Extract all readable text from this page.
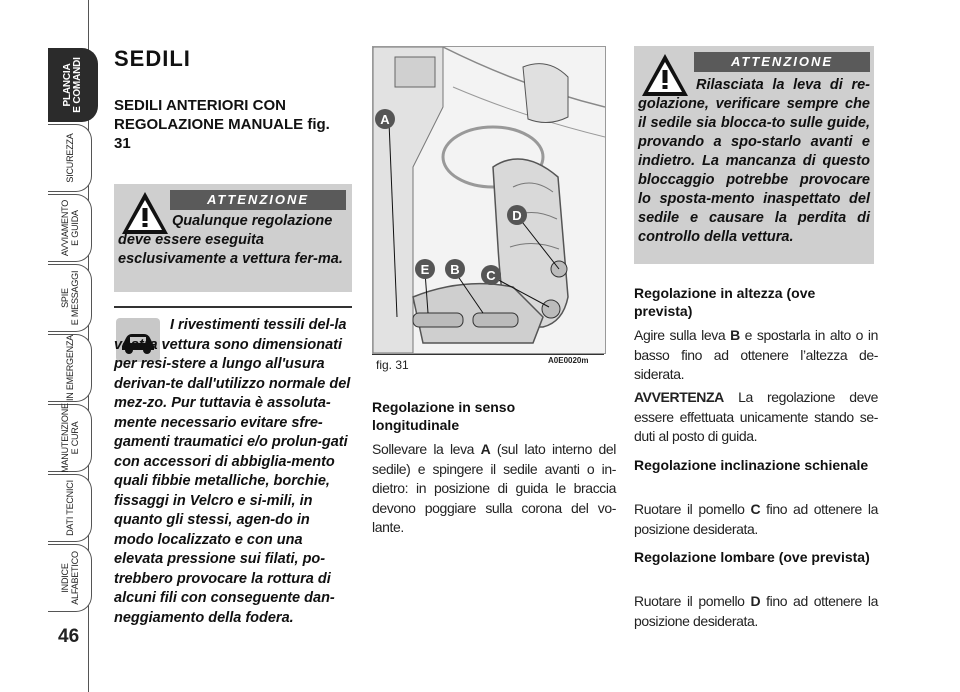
PLANCIA
E COMANDI
SICUREZZA
AVVIAMENTO
E GUIDA
SPIE
E MESSAGGI
IN EMERGENZA
MANUTENZIONE
E CURA
DATI TECNICI
INDICE
ALFABETICO
46
SEDILI
SEDILI ANTERIORI CON REGOLAZIONE MANUALE fig. 31
ATTENZIONE
Qualunque regolazione deve essere eseguita esclusivamente a vettura fer-ma.
I rivestimenti tessili del-la vostra vettura sono dimensionati per resi-stere a lungo all'usura derivan-te dall'utilizzo normale del mez-zo. Pur tuttavia è assoluta-mente necessario evitare sfre-gamenti traumatici e/o prolun-gati con accessori di abbiglia-mento quali fibbie metalliche, borchie, fissaggi in Velcro e si-mili, in quanto gli stessi, agen-do in modo localizzato e con una elevata pressione sui filati, po-trebbero provocare la rottura di alcuni fili con conseguente dan-neggiamento della fodera.
A
D
E B C
fig. 31	A0E0020m
Regolazione in senso longitudinale
Sollevare la leva A (sul lato interno del sedile) e spingere il sedile avanti o in-dietro: in posizione di guida le braccia devono poggiare sulla corona del vo-lante.
ATTENZIONE
Rilasciata la leva di re-golazione, verificare sempre che il sedile sia blocca-to sulle guide, provando a spo-starlo avanti e indietro. La mancanza di questo bloccaggio potrebbe provocare lo sposta-mento inaspettato del sedile e causare la perdita di controllo della vettura.
Regolazione in altezza (ove prevista)
Agire sulla leva B e spostarla in alto o in basso fino ad ottenere l’altezza de-siderata.
AVVERTENZA La regolazione deve essere effettuata unicamente stando se-duti al posto di guida.
Regolazione inclinazione schienale
Ruotare il pomello C fino ad ottenere la posizione desiderata.
Regolazione lombare (ove prevista)
Ruotare il pomello D fino ad ottenere la posizione desiderata.
